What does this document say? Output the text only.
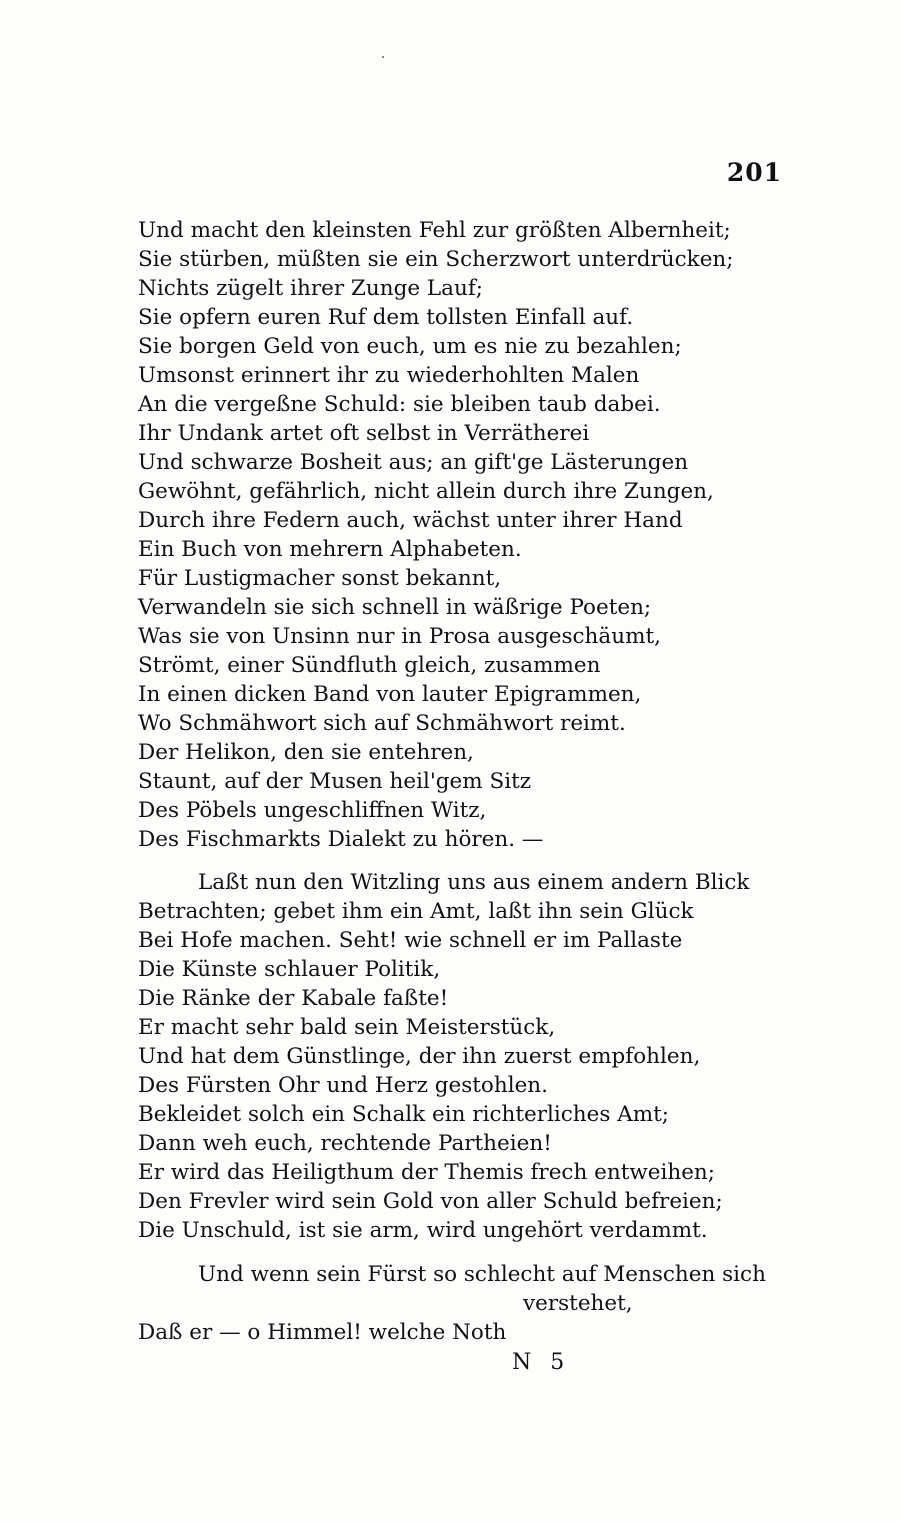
201
Und macht den kleinsten Fehl zur größten Albernheit;
Sie stürben, müßten sie ein Scherzwort unterdrücken;
Nichts zügelt ihrer Zunge Lauf;
Sie opfern euren Ruf dem tollsten Einfall auf.
Sie borgen Geld von euch, um es nie zu bezahlen;
Umsonst erinnert ihr zu wiederhohlten Malen
An die vergeßne Schuld: sie bleiben taub dabei.
Ihr Undank artet oft selbst in Verrätherei
Und schwarze Bosheit aus; an gift'ge Lästerungen
Gewöhnt, gefährlich, nicht allein durch ihre Zungen,
Durch ihre Federn auch, wächst unter ihrer Hand
Ein Buch von mehrern Alphabeten.
Für Lustigmacher sonst bekannt,
Verwandeln sie sich schnell in wäßrige Poeten;
Was sie von Unsinn nur in Prosa ausgeschäumt,
Strömt, einer Sündfluth gleich, zusammen
In einen dicken Band von lauter Epigrammen,
Wo Schmähwort sich auf Schmähwort reimt.
Der Helikon, den sie entehren,
Staunt, auf der Musen heil'gem Sitz
Des Pöbels ungeschliffnen Witz,
Des Fischmarkts Dialekt zu hören. —
Laßt nun den Witzling uns aus einem andern Blick
Betrachten; gebet ihm ein Amt, laßt ihn sein Glück
Bei Hofe machen. Seht! wie schnell er im Pallaste
Die Künste schlauer Politik,
Die Ränke der Kabale faßte!
Er macht sehr bald sein Meisterstück,
Und hat dem Günstlinge, der ihn zuerst empfohlen,
Des Fürsten Ohr und Herz gestohlen.
Bekleidet solch ein Schalk ein richterliches Amt;
Dann weh euch, rechtende Partheien!
Er wird das Heiligthum der Themis frech entweihen;
Den Frevler wird sein Gold von aller Schuld befreien;
Die Unschuld, ist sie arm, wird ungehört verdammt.
Und wenn sein Fürst so schlecht auf Menschen sich
verstehet,
Daß er — o Himmel! welche Noth
N 5
